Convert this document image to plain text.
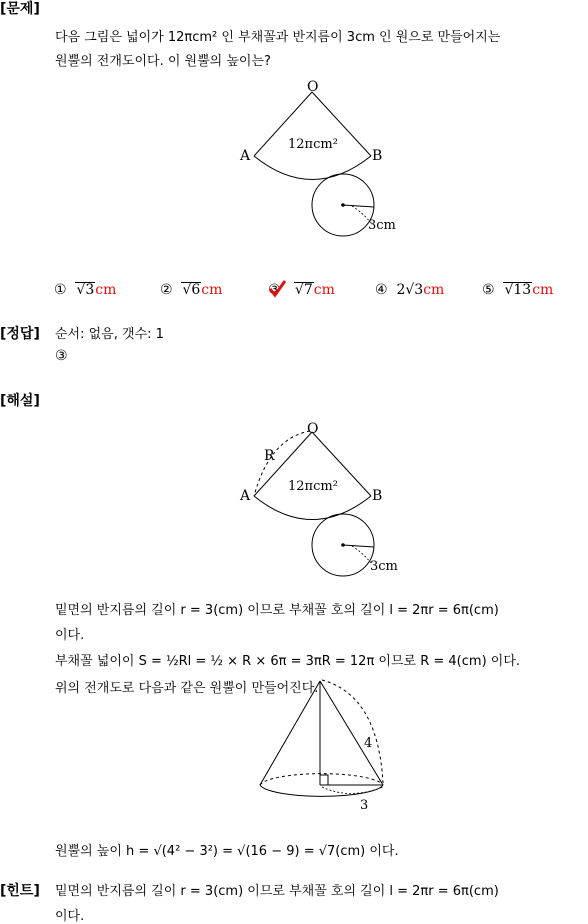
[문제]
다음 그림은 넓이가 12πcm² 인 부채꼴과 반지름이 3cm 인 원으로 만들어지는
원뿔의 전개도이다. 이 원뿔의 높이는?
O
A	B
12πcm²
3cm
① √3cm	② √6cm	③ √7cm	④ 2√3cm	⑤ √13cm
[정답] 순서: 없음, 갯수: 1
③
[해설]
O
R
A	B
12πcm²
3cm
밑면의 반지름의 길이 r = 3(cm) 이므로 부채꼴 호의 길이 l = 2πr = 6π(cm)
이다.
부채꼴 넓이이 S = ½Rl = ½ × R × 6π = 3πR = 12π 이므로 R = 4(cm) 이다.
위의 전개도로 다음과 같은 원뿔이 만들어진다.
4
3
원뿔의 높이 h = √(4² − 3²) = √(16 − 9) = √7(cm) 이다.
[힌트] 밑면의 반지름의 길이 r = 3(cm) 이므로 부채꼴 호의 길이 l = 2πr = 6π(cm)
이다.
